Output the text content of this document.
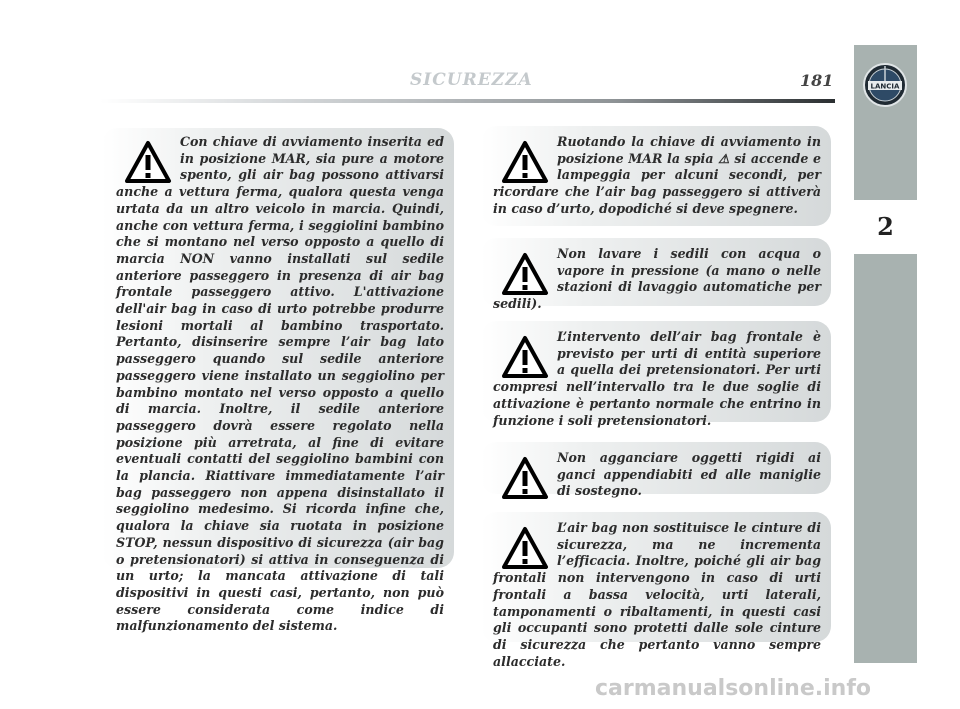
SICUREZZA	181	LANCIA
2

Con chiave di avviamento inserita ed in posizione MAR, sia pure a motore spento, gli air bag possono attivarsi anche a vettura ferma, qualora questa venga urtata da un altro veicolo in marcia. Quindi, anche con vettura ferma, i seggiolini bambino che si montano nel verso opposto a quello di marcia NON vanno installati sul sedile anteriore passeggero in presenza di air bag frontale passeggero attivo. L'attivazione dell'air bag in caso di urto potrebbe produrre lesioni mortali al bambino trasportato. Pertanto, disinserire sempre l’air bag lato passeggero quando sul sedile anteriore passeggero viene installato un seggiolino per bambino montato nel verso opposto a quello di marcia. Inoltre, il sedile anteriore passeggero dovrà essere regolato nella posizione più arretrata, al fine di evitare eventuali contatti del seggiolino bambini con la plancia. Riattivare immediatamente l’air bag passeggero non appena disinstallato il seggiolino medesimo. Si ricorda infine che, qualora la chiave sia ruotata in posizione STOP, nessun dispositivo di sicurezza (air bag o pretensionatori) si attiva in conseguenza di un urto; la mancata attivazione di tali dispositivi in questi casi, pertanto, non può essere considerata come indice di malfunzionamento del sistema.

Ruotando la chiave di avviamento in posizione MAR la spia ⚠ si accende e lampeggia per alcuni secondi, per ricordare che l’air bag passeggero si attiverà in caso d’urto, dopodiché si deve spegnere.

Non lavare i sedili con acqua o vapore in pressione (a mano o nelle stazioni di lavaggio automatiche per sedili).

L’intervento dell’air bag frontale è previsto per urti di entità superiore a quella dei pretensionatori. Per urti compresi nell’intervallo tra le due soglie di attivazione è pertanto normale che entrino in funzione i soli pretensionatori.

Non agganciare oggetti rigidi ai ganci appendiabiti ed alle maniglie di sostegno.

L’air bag non sostituisce le cinture di sicurezza, ma ne incrementa l’efficacia. Inoltre, poiché gli air bag frontali non intervengono in caso di urti frontali a bassa velocità, urti laterali, tamponamenti o ribaltamenti, in questi casi gli occupanti sono protetti dalle sole cinture di sicurezza che pertanto vanno sempre allacciate.

carmanualsonline.info
